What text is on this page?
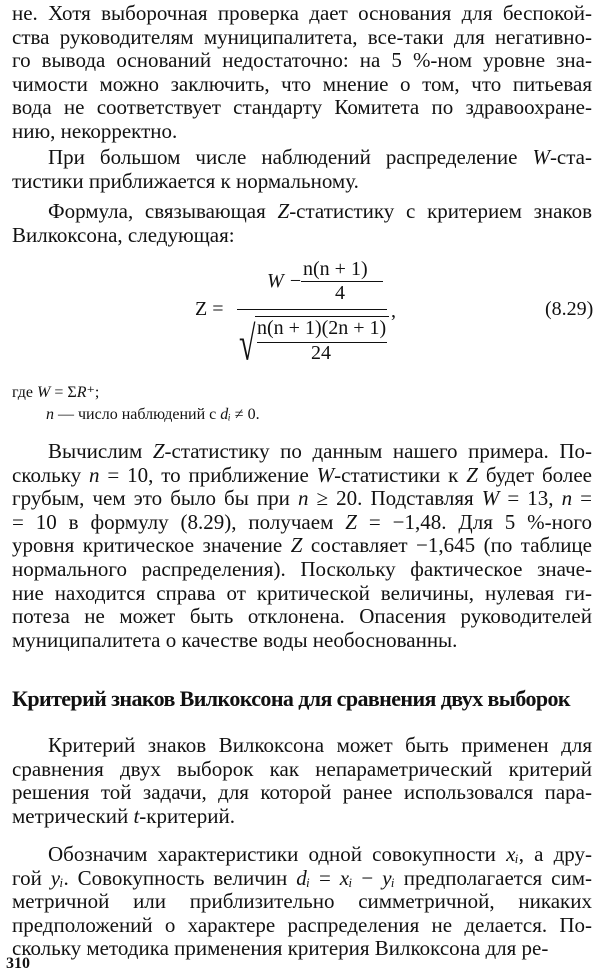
не. Хотя выборочная проверка дает основания для беспокой-
ства руководителям муниципалитета, все-таки для негативно-
го вывода оснований недостаточно: на 5 %-ном уровне зна-
чимости можно заключить, что мнение о том, что питьевая
вода не соответствует стандарту Комитета по здравоохране-
нию, некорректно.
При большом числе наблюдений распределение W-ста-
тистики приближается к нормальному.
Формула, связывающая Z-статистику с критерием знаков
Вилкоксона, следующая:
Z =
W −
n(n + 1)
4
√ n(n + 1)(2n + 1)
24
,	(8.29)
где W = ΣR⁺;
n — число наблюдений с dᵢ ≠ 0.
Вычислим Z-статистику по данным нашего примера. По-
скольку n = 10, то приближение W-статистики к Z будет более
грубым, чем это было бы при n ≥ 20. Подставляя W = 13, n =
= 10 в формулу (8.29), получаем Z = −1,48. Для 5 %-ного
уровня критическое значение Z составляет −1,645 (по таблице
нормального распределения). Поскольку фактическое значе-
ние находится справа от критической величины, нулевая ги-
потеза не может быть отклонена. Опасения руководителей
муниципалитета о качестве воды необоснованны.
Критерий знаков Вилкоксона для сравнения двух выборок
Критерий знаков Вилкоксона может быть применен для
сравнения двух выборок как непараметрический критерий
решения той задачи, для которой ранее использовался пара-
метрический t-критерий.
Обозначим характеристики одной совокупности xᵢ, а дру-
гой yᵢ. Совокупность величин dᵢ = xᵢ − yᵢ предполагается сим-
метричной или приблизительно симметричной, никаких
предположений о характере распределения не делается. По-
скольку методика применения критерия Вилкоксона для ре-
310
